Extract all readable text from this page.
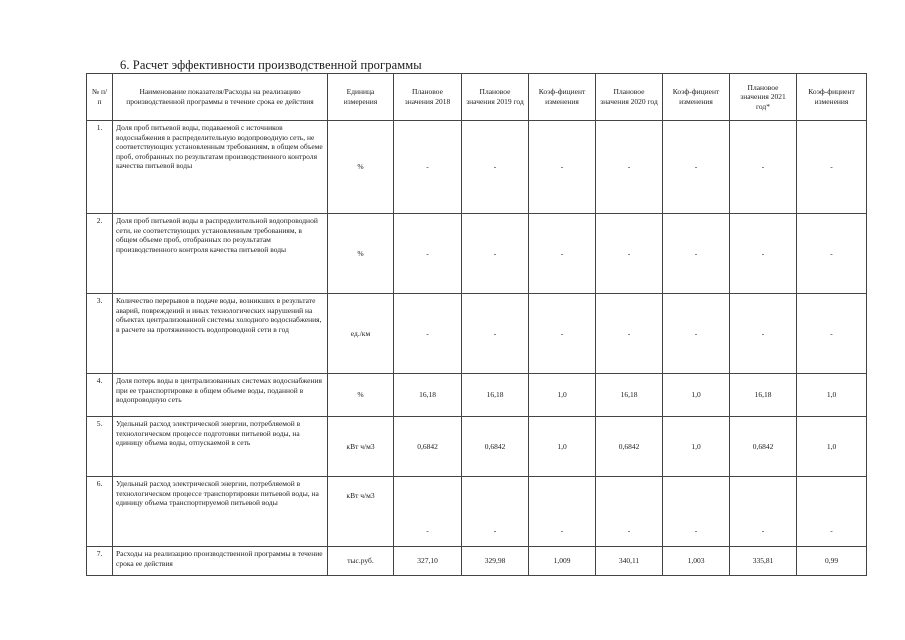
6. Расчет эффективности производственной программы
№ п/п	Наименование показателя/Расходы на реализацию производственной программы в течение срока ее действия	Единица измерения	Плановое значения 2018	Плановое значения 2019 год	Коэф-фициент изменения	Плановое значения 2020 год	Коэф-фициент изменения	Плановое значения 2021 год*	Коэф-фициент изменения
1.	Доля проб питьевой воды, подаваемой с источников водоснабжения в распределительную водопроводную сеть, не соответствующих установленным требованиям, в общем объеме проб, отобранных по результатам производственного контроля качества питьевой воды	%	-	-	-	-	-	-	-
2.	Доля проб питьевой воды в распределительной водопроводной сети, не соответствующих установленным требованиям, в общем объеме проб, отобранных по результатам производственного контроля качества питьевой воды	%	-	-	-	-	-	-	-
3.	Количество перерывов в подаче воды, возникших в результате аварий, повреждений и иных технологических нарушений на объектах централизованной системы холодного водоснабжения, в расчете на протяженность водопроводной сети в год	ед./км	-	-	-	-	-	-	-
4.	Доля потерь воды в централизованных системах водоснабжения при ее транспортировке в общем объеме воды, поданной в водопроводную сеть	%	16,18	16,18	1,0	16,18	1,0	16,18	1,0
5.	Удельный расход электрической энергии, потребляемой в технологическом процессе подготовки питьевой воды, на единицу объема воды, отпускаемой в сеть	кВт ч/м3	0,6842	0,6842	1,0	0,6842	1,0	0,6842	1,0
6.	Удельный расход электрической энергии, потребляемой в технологическом процессе транспортировки питьевой воды, на единицу объема транспортируемой питьевой воды	кВт ч/м3	-	-	-	-	-	-	-
7.	Расходы на реализацию производственной программы в течение срока ее действия	тыс.руб.	327,10	329,98	1,009	340,11	1,003	335,81	0,99
